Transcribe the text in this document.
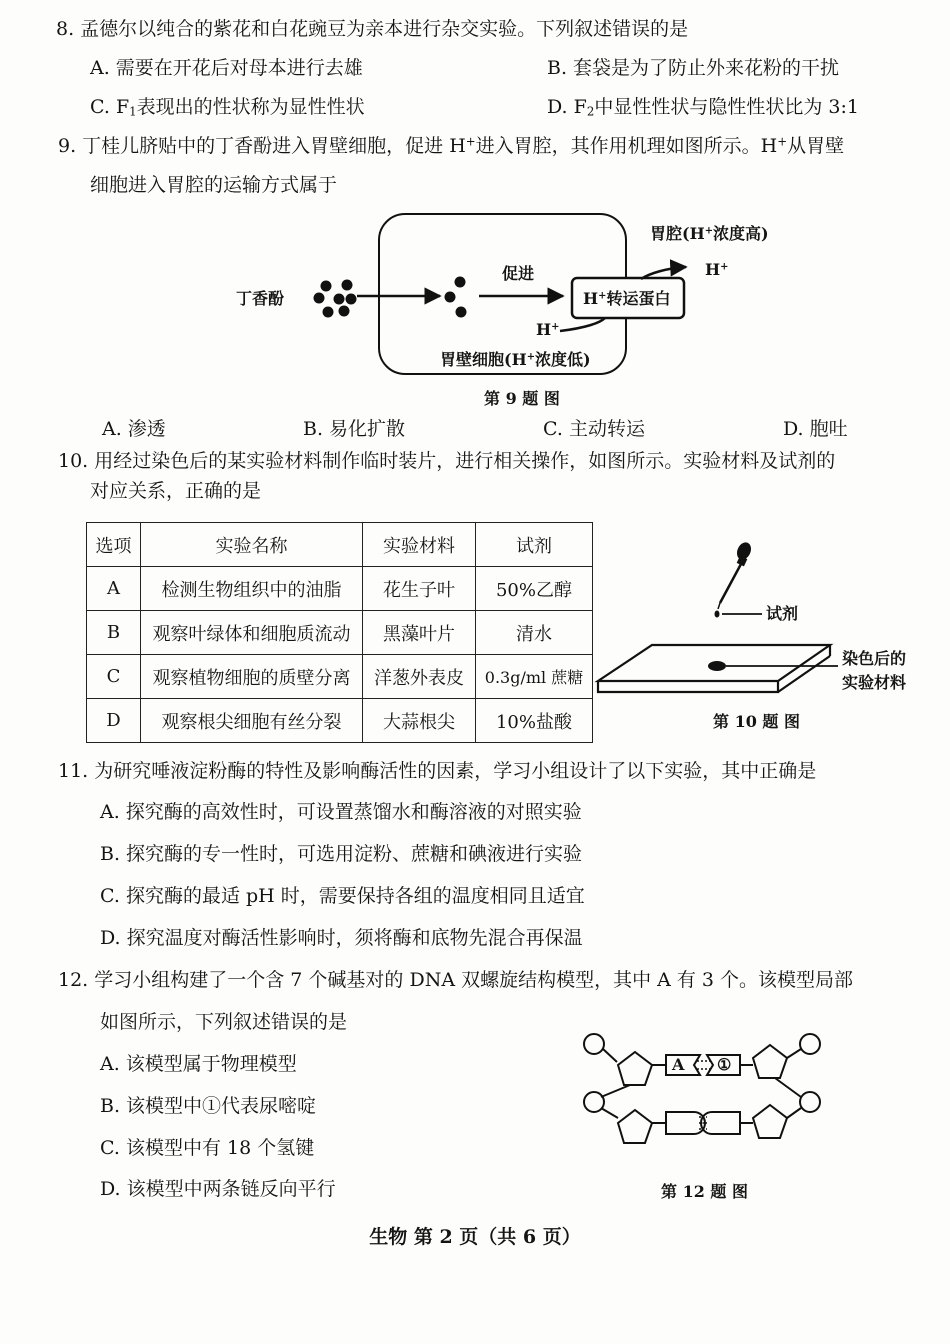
8. 孟德尔以纯合的紫花和白花豌豆为亲本进行杂交实验。下列叙述错误的是
A. 需要在开花后对母本进行去雄	B. 套袋是为了防止外来花粉的干扰
C. $F_1$表现出的性状称为显性性状	D. $F_2$中显性性状与隐性性状比为 3:1
9. 丁桂儿脐贴中的丁香酚进入胃壁细胞，促进 H+进入胃腔，其作用机理如图所示。H+从胃壁
细胞进入胃腔的运输方式属于
胃腔(H+浓度高)
H+
丁香酚
促进
H+转运蛋白
H+
胃壁细胞(H+浓度低)
第 9 题 图
A. 渗透	B. 易化扩散	C. 主动转运	D. 胞吐
10. 用经过染色后的某实验材料制作临时装片，进行相关操作，如图所示。实验材料及试剂的
对应关系，正确的是
选项	实验名称	实验材料	试剂
A	检测生物组织中的油脂	花生子叶	50%乙醇
B	观察叶绿体和细胞质流动	黑藻叶片	清水
C	观察植物细胞的质壁分离	洋葱外表皮	0.3g/ml 蔗糖
D	观察根尖细胞有丝分裂	大蒜根尖	10%盐酸
试剂
染色后的
实验材料
第 10 题 图
11. 为研究唾液淀粉酶的特性及影响酶活性的因素，学习小组设计了以下实验，其中正确是
A. 探究酶的高效性时，可设置蒸馏水和酶溶液的对照实验
B. 探究酶的专一性时，可选用淀粉、蔗糖和碘液进行实验
C. 探究酶的最适 pH 时，需要保持各组的温度相同且适宜
D. 探究温度对酶活性影响时，须将酶和底物先混合再保温
12. 学习小组构建了一个含 7 个碱基对的 DNA 双螺旋结构模型，其中 A 有 3 个。该模型局部
如图所示，下列叙述错误的是
A. 该模型属于物理模型
B. 该模型中①代表尿嘧啶
C. 该模型中有 18 个氢键
D. 该模型中两条链反向平行
A ①
第 12 题 图
生物 第 2 页（共 6 页）
